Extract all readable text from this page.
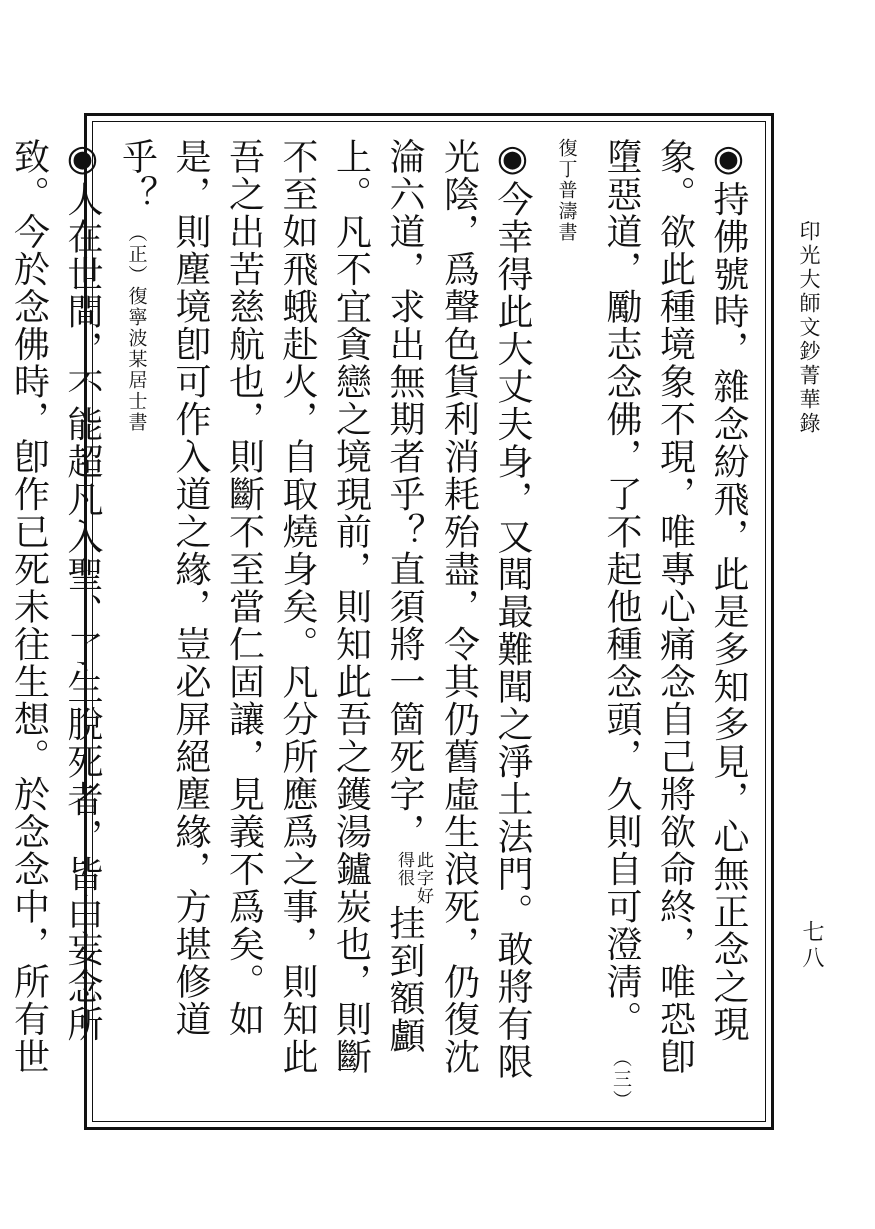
印光大師文鈔菁華錄
七八
◉持佛號時，雜念紛飛，此是多知多見，心無正念之現象。欲此種境象不現，唯專心痛念自己將欲命終，唯恐卽墮惡道，勵志念佛，了不起他種念頭，久則自可澄淸。（三）復丁普濤書
◉今幸得此大丈夫身，又聞最難聞之淨土法門。敢將有限光陰，爲聲色貨利消耗殆盡，令其仍舊虛生浪死，仍復沈淪六道，求出無期者乎？直須將一箇死字，
此字好
得很
挂到額顱上。凡不宜貪戀之境現前，則知此吾之鑊湯鑪炭也，則斷不至如飛蛾赴火，自取燒身矣。凡分所應爲之事，則知此吾之出苦慈航也，則斷不至當仁固讓，見義不爲矣。如是，則塵境卽可作入道之緣，豈必屏絕塵緣，方堪修道乎？（正）復寧波某居士書
◉人在世間，不能超凡入聖、了生脫死者，皆由妄念所致。今於念佛時，卽作已死未往生想。於念念中，所有世
